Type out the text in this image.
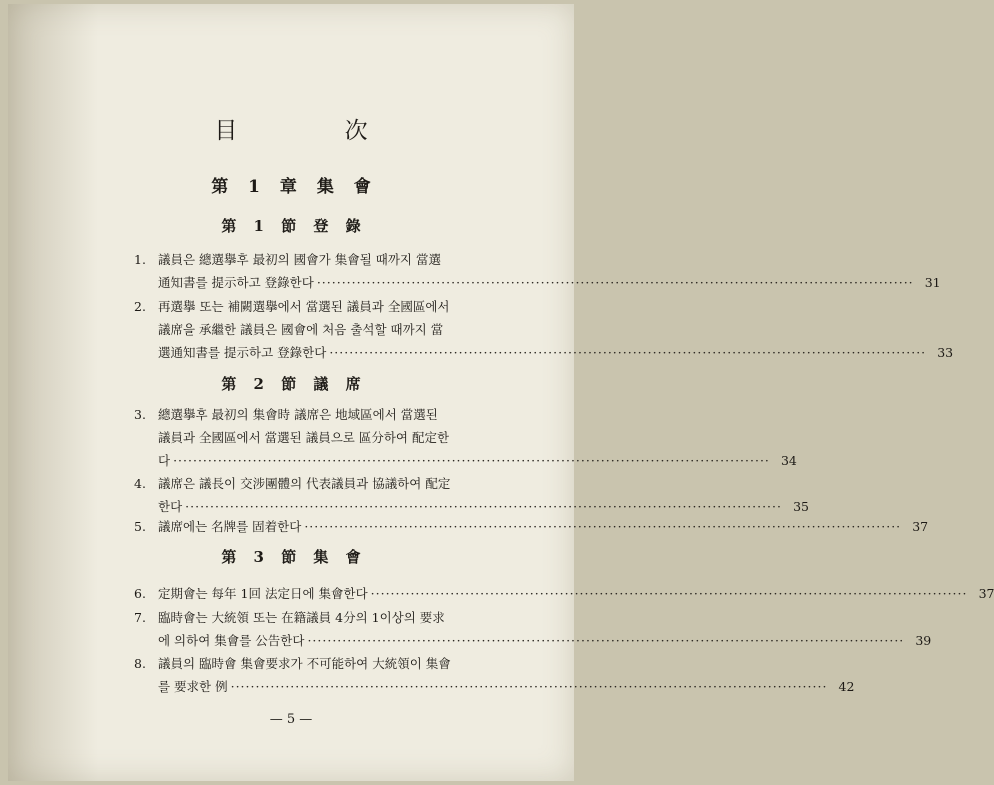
目 次
第 1 章 集 會
第 1 節 登 錄
第 2 節 議 席
第 3 節 集 會
1. 議員은 總選擧후 最初의 國會가 集會될 때까지 當選
通知書를 提示하고 登錄한다 ························································································································ 31
2. 再選擧 또는 補闕選擧에서 當選된 議員과 全國區에서
議席을 承繼한 議員은 國會에 처음 출석할 때까지 當
選通知書를 提示하고 登錄한다 ························································································································ 33
3. 總選擧후 最初의 集會時 議席은 地域區에서 當選된
議員과 全國區에서 當選된 議員으로 區分하여 配定한
다 ························································································································ 34
4. 議席은 議長이 交涉團體의 代表議員과 協議하여 配定
한다 ························································································································ 35
5. 議席에는 名牌를 固着한다 ························································································································ 37
6. 定期會는 每年 1回 法定日에 集會한다 ························································································································ 37
7. 臨時會는 大統領 또는 在籍議員 4分의 1이상의 要求
에 의하여 集會를 公告한다 ························································································································ 39
8. 議員의 臨時會 集會要求가 不可能하여 大統領이 集會
를 要求한 例 ························································································································ 42
— 5 —
